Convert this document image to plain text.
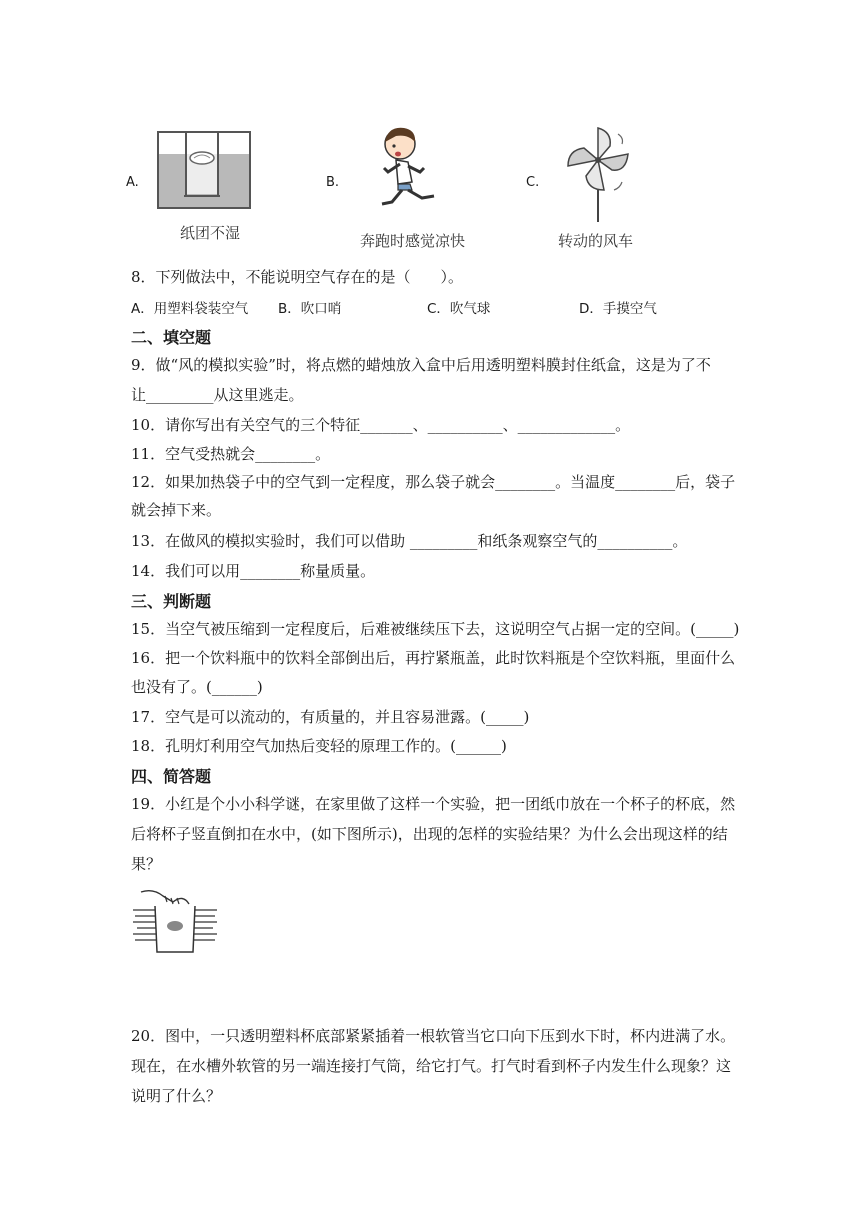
A.
纸团不湿
B.
奔跑时感觉凉快
C.
转动的风车
8．下列做法中，不能说明空气存在的是（　　）。
A．用塑料袋装空气 B．吹口哨	C．吹气球	D．手摸空气
二、填空题
9．做“风的模拟实验”时，将点燃的蜡烛放入盒中后用透明塑料膜封住纸盒，这是为了不
让_________从这里逃走。
10．请你写出有关空气的三个特征_______、__________、_____________。
11．空气受热就会________。
12．如果加热袋子中的空气到一定程度，那么袋子就会________。当温度________后，袋子
就会掉下来。
13．在做风的模拟实验时，我们可以借助 _________和纸条观察空气的__________。
14．我们可以用________称量质量。
三、判断题
15．当空气被压缩到一定程度后，后难被继续压下去，这说明空气占据一定的空间。(_____)
16．把一个饮料瓶中的饮料全部倒出后，再拧紧瓶盖，此时饮料瓶是个空饮料瓶，里面什么
也没有了。(______)
17．空气是可以流动的，有质量的，并且容易泄露。(_____)
18．孔明灯利用空气加热后变轻的原理工作的。(______)
四、简答题
19．小红是个小小科学谜，在家里做了这样一个实验，把一团纸巾放在一个杯子的杯底，然
后将杯子竖直倒扣在水中，(如下图所示)，出现的怎样的实验结果？为什么会出现这样的结
果？
20．图中，一只透明塑料杯底部紧紧插着一根软管当它口向下压到水下时，杯内进满了水。
现在，在水槽外软管的另一端连接打气筒，给它打气。打气时看到杯子内发生什么现象？这
说明了什么？
